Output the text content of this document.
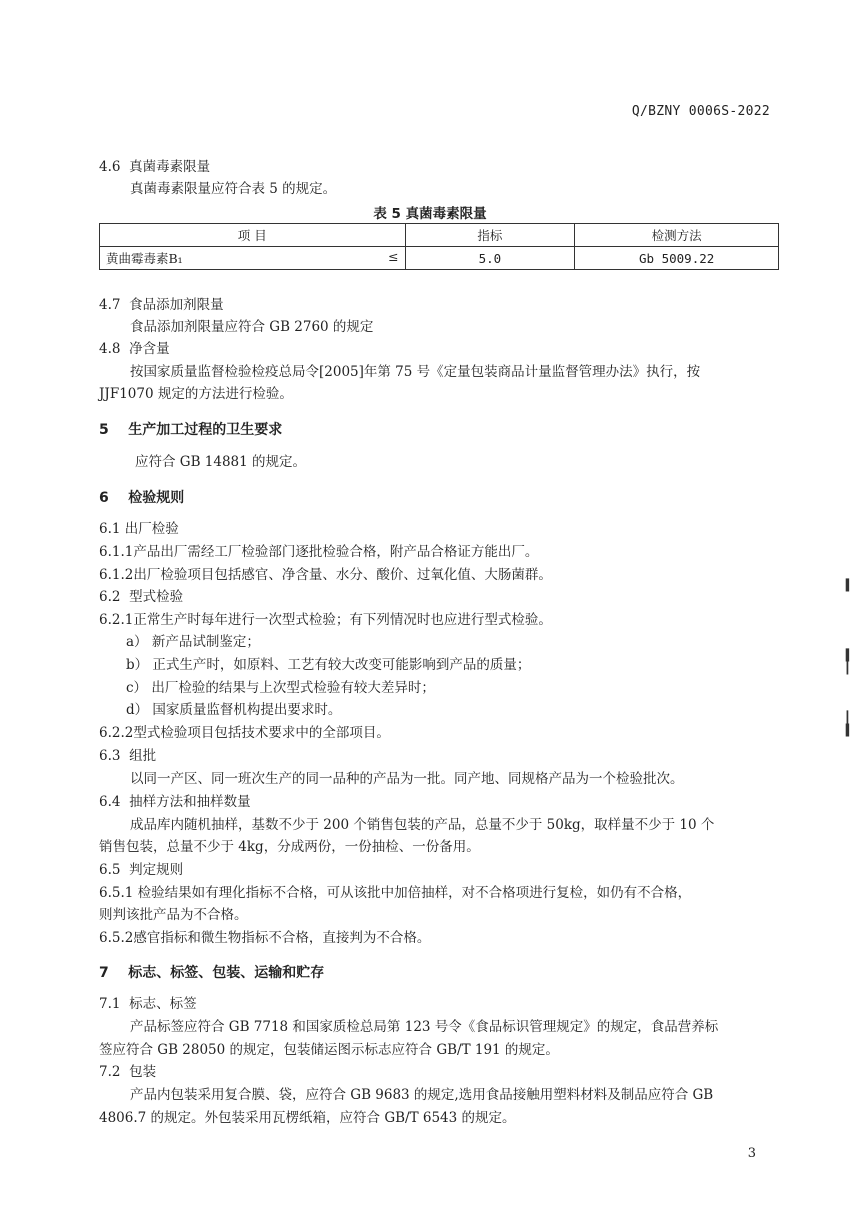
Q/BZNY 0006S-2022
4.6 真菌毒素限量
真菌毒素限量应符合表 5 的规定。
表 5 真菌毒素限量
项 目	指标	检测方法
黄曲霉毒素B₁ ≤	5.0	Gb 5009.22
4.7 食品添加剂限量
食品添加剂限量应符合 GB 2760 的规定
4.8 净含量
按国家质量监督检验检疫总局令[2005]年第 75 号《定量包装商品计量监督管理办法》执行，按
JJF1070 规定的方法进行检验。
5 生产加工过程的卫生要求
应符合 GB 14881 的规定。
6 检验规则
6.1 出厂检验
6.1.1产品出厂需经工厂检验部门逐批检验合格，附产品合格证方能出厂。
6.1.2出厂检验项目包括感官、净含量、水分、酸价、过氧化值、大肠菌群。
6.2 型式检验
6.2.1正常生产时每年进行一次型式检验；有下列情况时也应进行型式检验。
a） 新产品试制鉴定；
b） 正式生产时，如原料、工艺有较大改变可能影响到产品的质量；
c） 出厂检验的结果与上次型式检验有较大差异时；
d） 国家质量监督机构提出要求时。
6.2.2型式检验项目包括技术要求中的全部项目。
6.3 组批
以同一产区、同一班次生产的同一品种的产品为一批。同产地、同规格产品为一个检验批次。
6.4 抽样方法和抽样数量
成品库内随机抽样，基数不少于 200 个销售包装的产品，总量不少于 50kg，取样量不少于 10 个
销售包装，总量不少于 4kg，分成两份，一份抽检、一份备用。
6.5 判定规则
6.5.1 检验结果如有理化指标不合格，可从该批中加倍抽样，对不合格项进行复检，如仍有不合格，
则判该批产品为不合格。
6.5.2感官指标和微生物指标不合格，直接判为不合格。
7 标志、标签、包装、运输和贮存
7.1 标志、标签
产品标签应符合 GB 7718 和国家质检总局第 123 号令《食品标识管理规定》的规定，食品营养标
签应符合 GB 28050 的规定，包装储运图示标志应符合 GB/T 191 的规定。
7.2 包装
产品内包装采用复合膜、袋，应符合 GB 9683 的规定,选用食品接触用塑料材料及制品应符合 GB
4806.7 的规定。外包装采用瓦楞纸箱，应符合 GB/T 6543 的规定。
3
╹
╿
╽
